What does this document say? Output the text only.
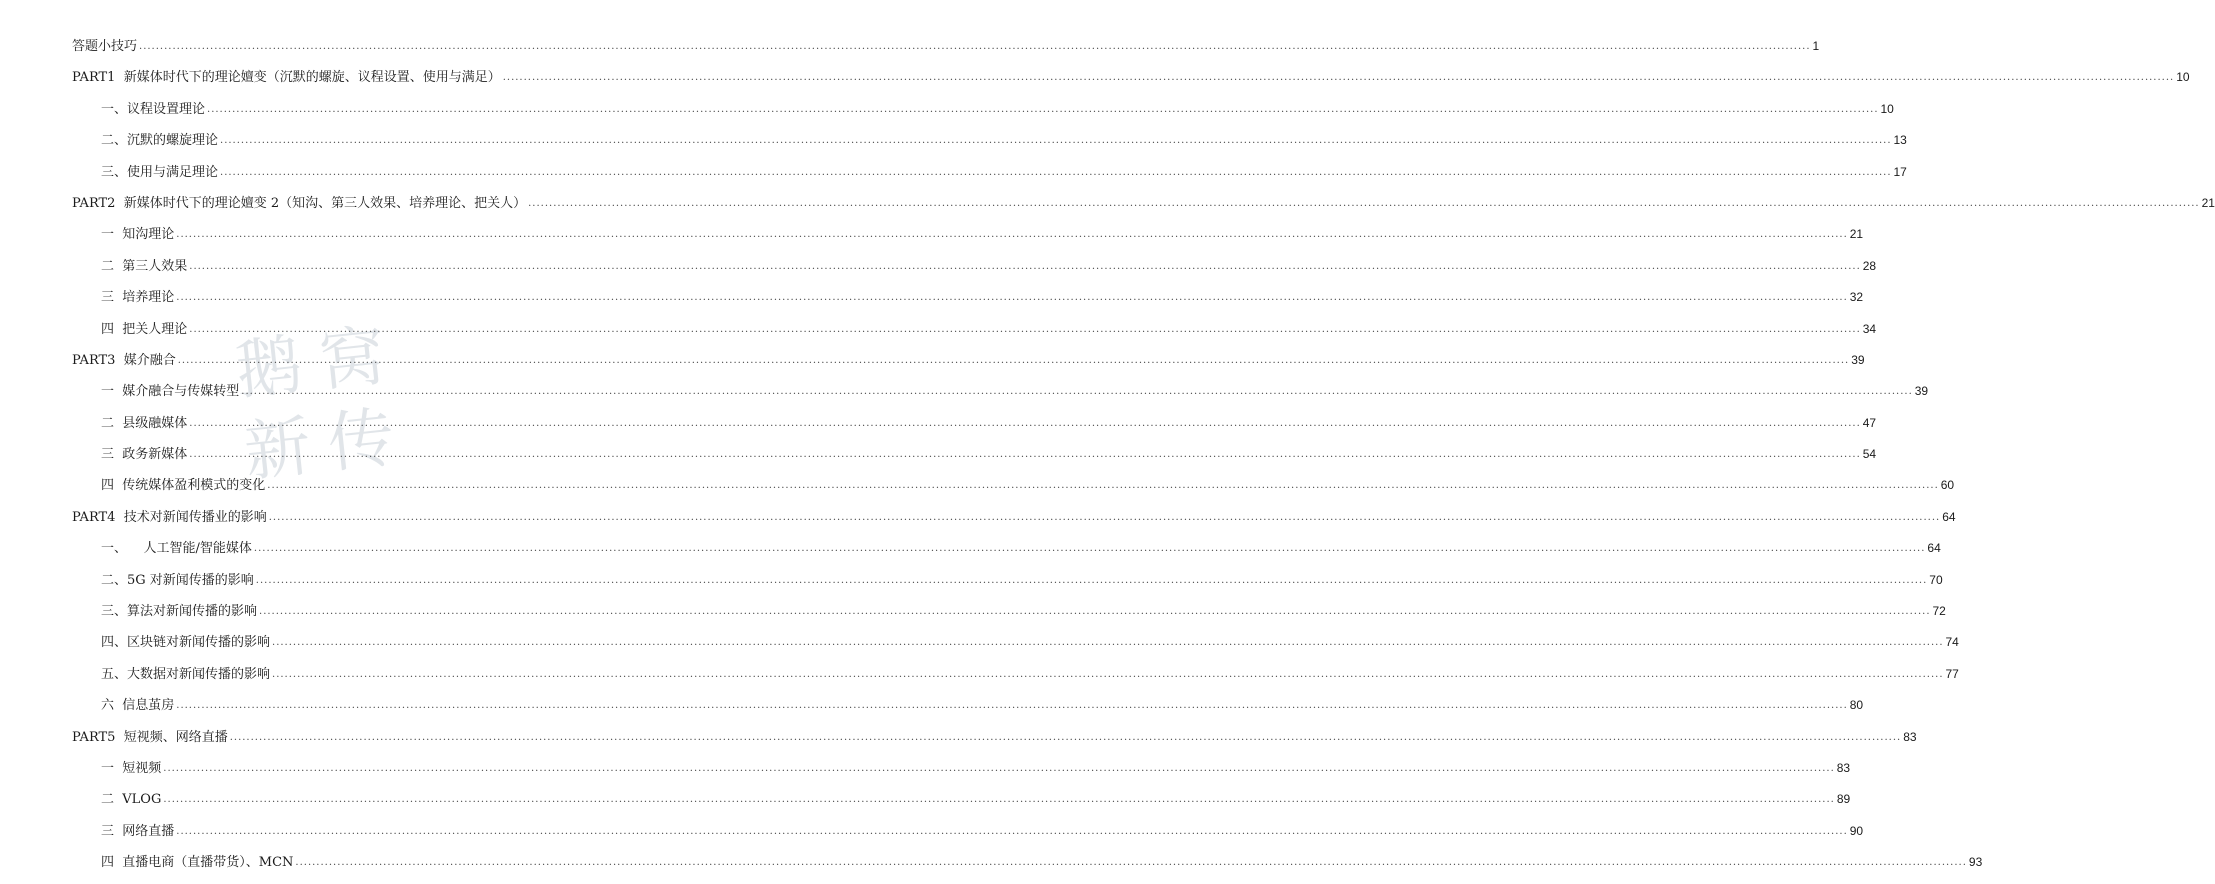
鹅窝
新传
答题小技巧 ................................................................................................................................................................................................................................................................................................................................................................................................................ 1
PART1  新媒体时代下的理论嬗变（沉默的螺旋、议程设置、使用与满足） ................................................................................................................................................................................................................................................................................................................................................................................................................ 10
一、议程设置理论 ................................................................................................................................................................................................................................................................................................................................................................................................................ 10
二、沉默的螺旋理论 ................................................................................................................................................................................................................................................................................................................................................................................................................ 13
三、使用与满足理论 ................................................................................................................................................................................................................................................................................................................................................................................................................ 17
PART2  新媒体时代下的理论嬗变 2（知沟、第三人效果、培养理论、把关人） ................................................................................................................................................................................................................................................................................................................................................................................................................ 21
一  知沟理论 ................................................................................................................................................................................................................................................................................................................................................................................................................ 21
二  第三人效果 ................................................................................................................................................................................................................................................................................................................................................................................................................ 28
三  培养理论 ................................................................................................................................................................................................................................................................................................................................................................................................................ 32
四  把关人理论 ................................................................................................................................................................................................................................................................................................................................................................................................................ 34
PART3  媒介融合 ................................................................................................................................................................................................................................................................................................................................................................................................................ 39
一  媒介融合与传媒转型 ................................................................................................................................................................................................................................................................................................................................................................................................................ 39
二  县级融媒体 ................................................................................................................................................................................................................................................................................................................................................................................................................ 47
三  政务新媒体 ................................................................................................................................................................................................................................................................................................................................................................................................................ 54
四  传统媒体盈利模式的变化 ................................................................................................................................................................................................................................................................................................................................................................................................................ 60
PART4  技术对新闻传播业的影响 ................................................................................................................................................................................................................................................................................................................................................................................................................ 64
一、    人工智能/智能媒体 ................................................................................................................................................................................................................................................................................................................................................................................................................ 64
二、5G 对新闻传播的影响 ................................................................................................................................................................................................................................................................................................................................................................................................................ 70
三、算法对新闻传播的影响 ................................................................................................................................................................................................................................................................................................................................................................................................................ 72
四、区块链对新闻传播的影响 ................................................................................................................................................................................................................................................................................................................................................................................................................ 74
五、大数据对新闻传播的影响 ................................................................................................................................................................................................................................................................................................................................................................................................................ 77
六  信息茧房 ................................................................................................................................................................................................................................................................................................................................................................................................................ 80
PART5  短视频、网络直播 ................................................................................................................................................................................................................................................................................................................................................................................................................ 83
一  短视频 ................................................................................................................................................................................................................................................................................................................................................................................................................ 83
二  VLOG ................................................................................................................................................................................................................................................................................................................................................................................................................ 89
三  网络直播 ................................................................................................................................................................................................................................................................................................................................................................................................................ 90
四  直播电商（直播带货）、MCN ................................................................................................................................................................................................................................................................................................................................................................................................................ 93
